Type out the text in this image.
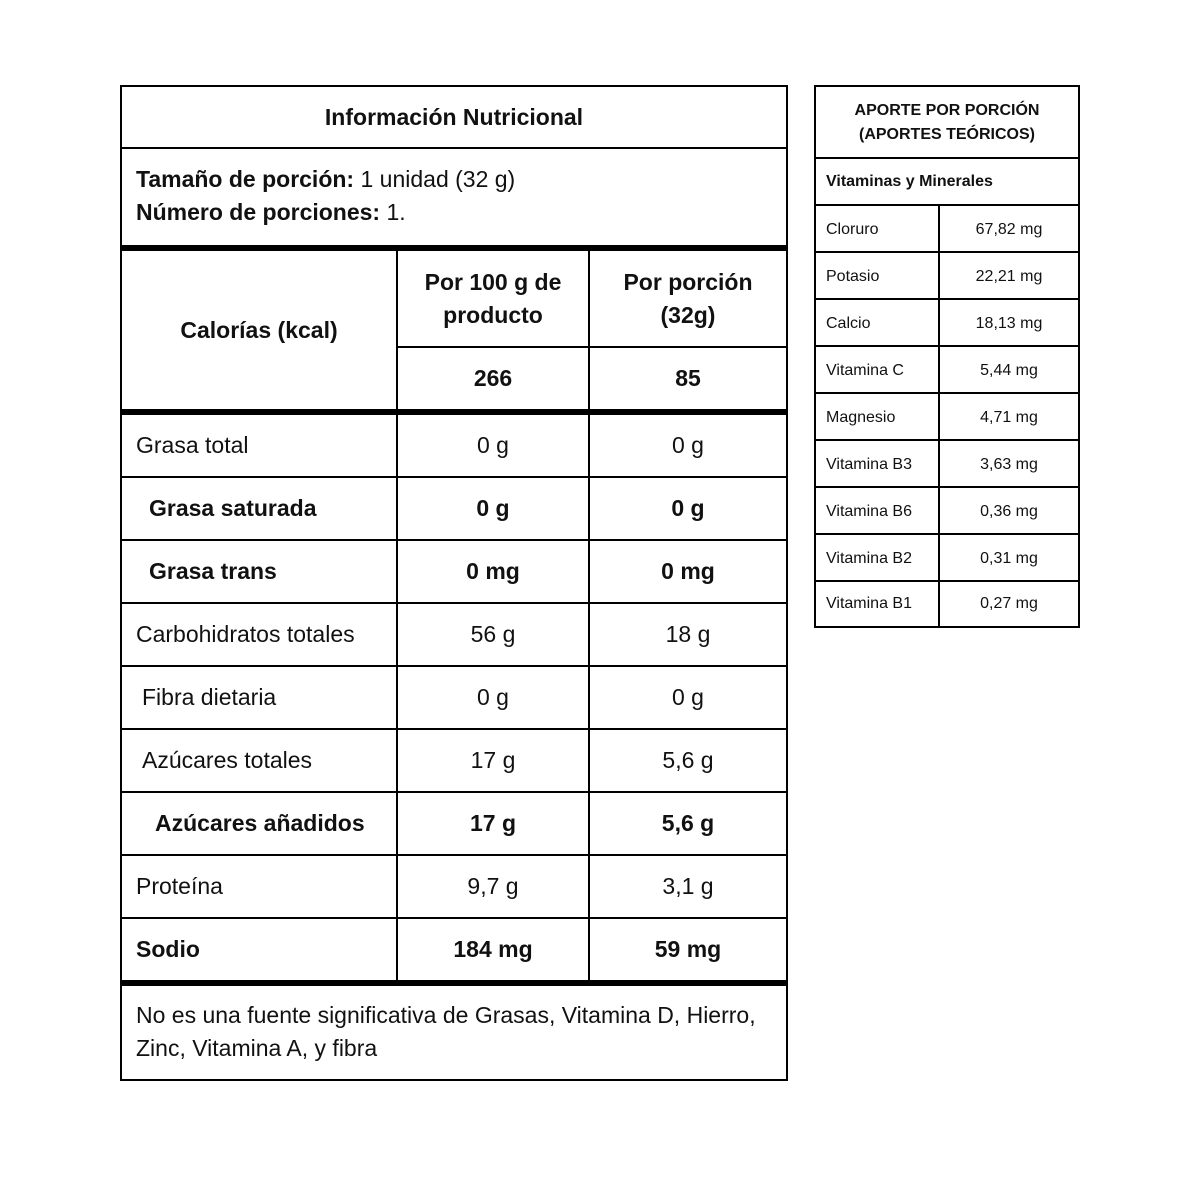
Información Nutricional
Tamaño de porción: 1 unidad (32 g)
Número de porciones: 1.
Calorías (kcal)
Por 100 g de producto
Por porción (32g)
266	85
Grasa total	0 g	0 g
Grasa saturada	0 g	0 g
Grasa trans	0 mg	0 mg
Carbohidratos totales	56 g	18 g
Fibra dietaria	0 g	0 g
Azúcares totales	17 g	5,6 g
Azúcares añadidos	17 g	5,6 g
Proteína	9,7 g	3,1 g
Sodio	184 mg	59 mg
No es una fuente significativa de Grasas, Vitamina D, Hierro, Zinc, Vitamina A, y fibra
APORTE POR PORCIÓN (APORTES TEÓRICOS)
Vitaminas y Minerales
Cloruro	67,82 mg
Potasio	22,21 mg
Calcio	18,13 mg
Vitamina C	5,44 mg
Magnesio	4,71 mg
Vitamina B3	3,63 mg
Vitamina B6	0,36 mg
Vitamina B2	0,31 mg
Vitamina B1	0,27 mg
